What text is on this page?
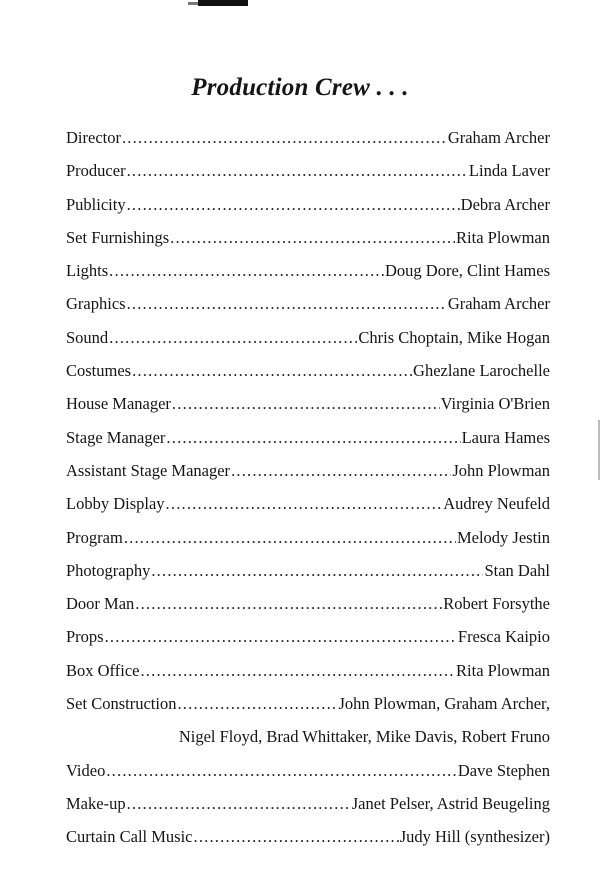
Production Crew . . .
Director .....	Graham Archer
Producer .....	Linda Laver
Publicity .....	Debra Archer
Set Furnishings .....	Rita Plowman
Lights .....	Doug Dore, Clint Hames
Graphics .....	Graham Archer
Sound .....	Chris Choptain, Mike Hogan
Costumes .....	Ghezlane Larochelle
House Manager .....	Virginia O'Brien
Stage Manager .....	Laura Hames
Assistant Stage Manager .....	John Plowman
Lobby Display .....	Audrey Neufeld
Program .....	Melody Jestin
Photography .....	Stan Dahl
Door Man .....	Robert Forsythe
Props .....	Fresca Kaipio
Box Office .....	Rita Plowman
Set Construction .....	John Plowman, Graham Archer,
Nigel Floyd, Brad Whittaker, Mike Davis, Robert Fruno
Video .....	Dave Stephen
Make-up .....	Janet Pelser, Astrid Beugeling
Curtain Call Music .....	Judy Hill (synthesizer)
